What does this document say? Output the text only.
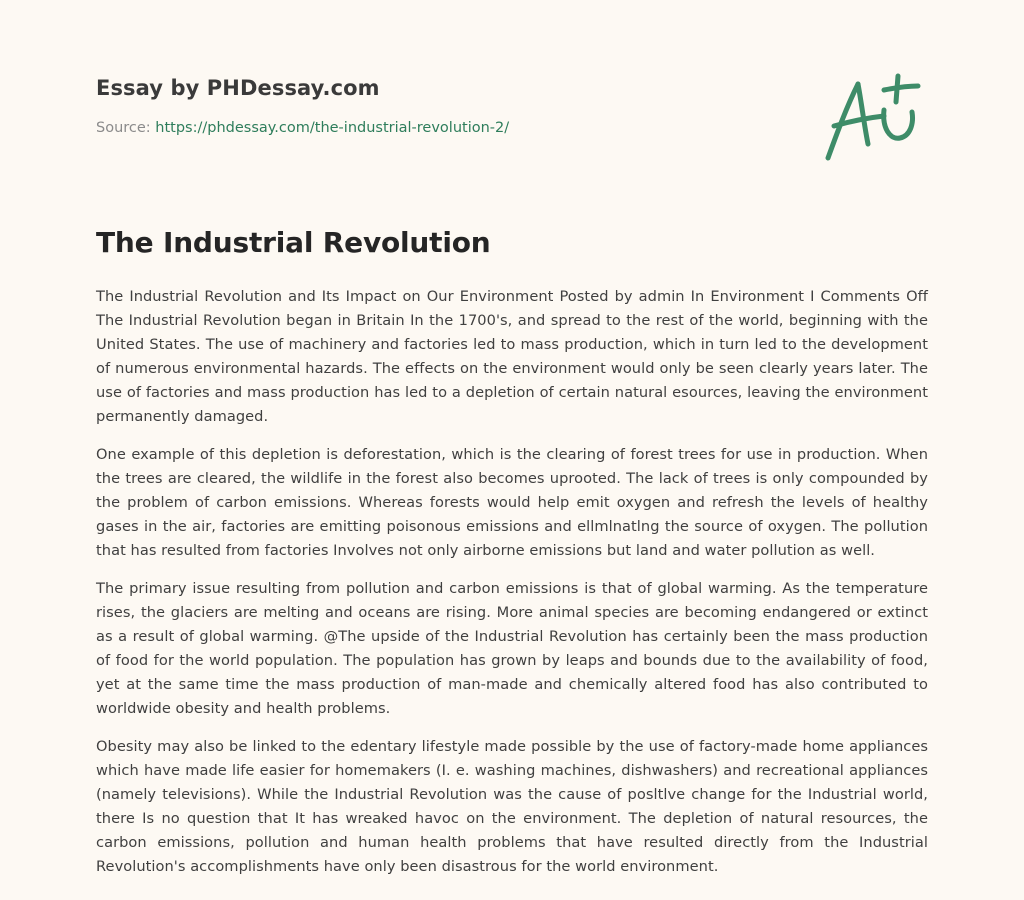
Essay by PHDessay.com

Source: https://phdessay.com/the-industrial-revolution-2/
The Industrial Revolution

The Industrial Revolution and Its Impact on Our Environment Posted by admin In Environment I Comments Off The Industrial Revolution began in Britain In the 1700's, and spread to the rest of the world, beginning with the United States. The use of machinery and factories led to mass production, which in turn led to the development of numerous environmental hazards. The effects on the environment would only be seen clearly years later. The use of factories and mass production has led to a depletion of certain natural esources, leaving the environment permanently damaged.

One example of this depletion is deforestation, which is the clearing of forest trees for use in production. When the trees are cleared, the wildlife in the forest also becomes uprooted. The lack of trees is only compounded by the problem of carbon emissions. Whereas forests would help emit oxygen and refresh the levels of healthy gases in the air, factories are emitting poisonous emissions and ellmlnatlng the source of oxygen. The pollution that has resulted from factories Involves not only airborne emissions but land and water pollution as well.

The primary issue resulting from pollution and carbon emissions is that of global warming. As the temperature rises, the glaciers are melting and oceans are rising. More animal species are becoming endangered or extinct as a result of global warming. @The upside of the Industrial Revolution has certainly been the mass production of food for the world population. The population has grown by leaps and bounds due to the availability of food, yet at the same time the mass production of man-made and chemically altered food has also contributed to worldwide obesity and health problems.

Obesity may also be linked to the edentary lifestyle made possible by the use of factory-made home appliances which have made life easier for homemakers (I. e. washing machines, dishwashers) and recreational appliances (namely televisions). While the Industrial Revolution was the cause of posltlve change for the Industrial world, there Is no question that It has wreaked havoc on the environment. The depletion of natural resources, the carbon emissions, pollution and human health problems that have resulted directly from the Industrial Revolution's accomplishments have only been disastrous for the world environment.
